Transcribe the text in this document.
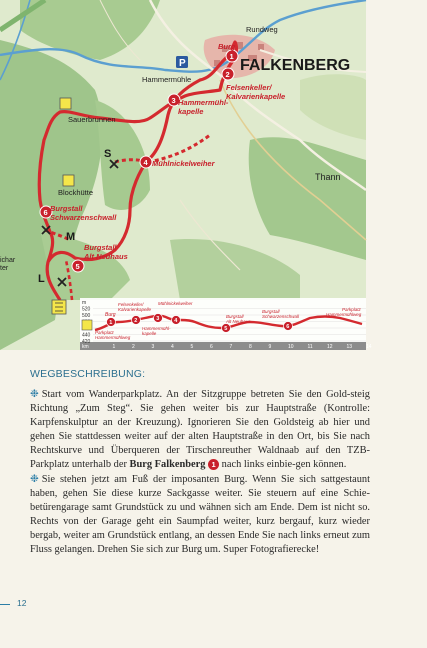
P
1
2
3
4
5
6
FALKENBERG
Rundweg
Burg
Hammermühle
Felsenkeller/ Kalvarienkapelle
Hammermühl-kapelle
Sauerbrunnen
Mühlnickelweiher
Thann
Blockhütte
Burgstall Schwarzenschwall
Burgstall Alt Neuhaus
ichar
ter
S
M
L
m
520
500
440
420
km	1	2	3	4	5	6	7	8	9	10	11	12	13	14
1	2	3	4
5	6
Parkplatz Hammermühlweg
Burg
Felsenkeller/ Kalvarienkapelle
Mühlnickelweiher
Hammermühl-kapelle
Burgstall Alt Neuhaus
Burgstall Schwarzenschwall
Parkplatz Hammermühlweg
WEGBESCHREIBUNG:

❉ Start vom Wanderparkplatz. An der Sitzgruppe betreten Sie den Gold-steig Richtung „Zum Steg“. Sie gehen weiter bis zur Hauptstraße (Kontrolle: Karpfenskulptur an der Kreuzung). Ignorieren Sie den Goldsteig ab hier und gehen Sie stattdessen weiter auf der alten Hauptstraße in den Ort, bis Sie nach Rechtskurve und Überqueren der Tirschenreuther Waldnaab auf den TZB-Parkplatz unterhalb der Burg Falkenberg 1 nach links einbie-gen können.

❉ Sie stehen jetzt am Fuß der imposanten Burg. Wenn Sie sich sattgestaunt haben, gehen Sie diese kurze Sackgasse weiter. Sie steuern auf eine Schie-betürengarage samt Grundstück zu und wähnen sich am Ende. Dem ist nicht so. Rechts von der Garage geht ein Saumpfad weiter, kurz bergauf, kurz wieder bergab, weiter am Grundstück entlang, an dessen Ende Sie nach links erneut zum Fluss gelangen. Drehen Sie sich zur Burg um. Super Fotografierecke!

12
